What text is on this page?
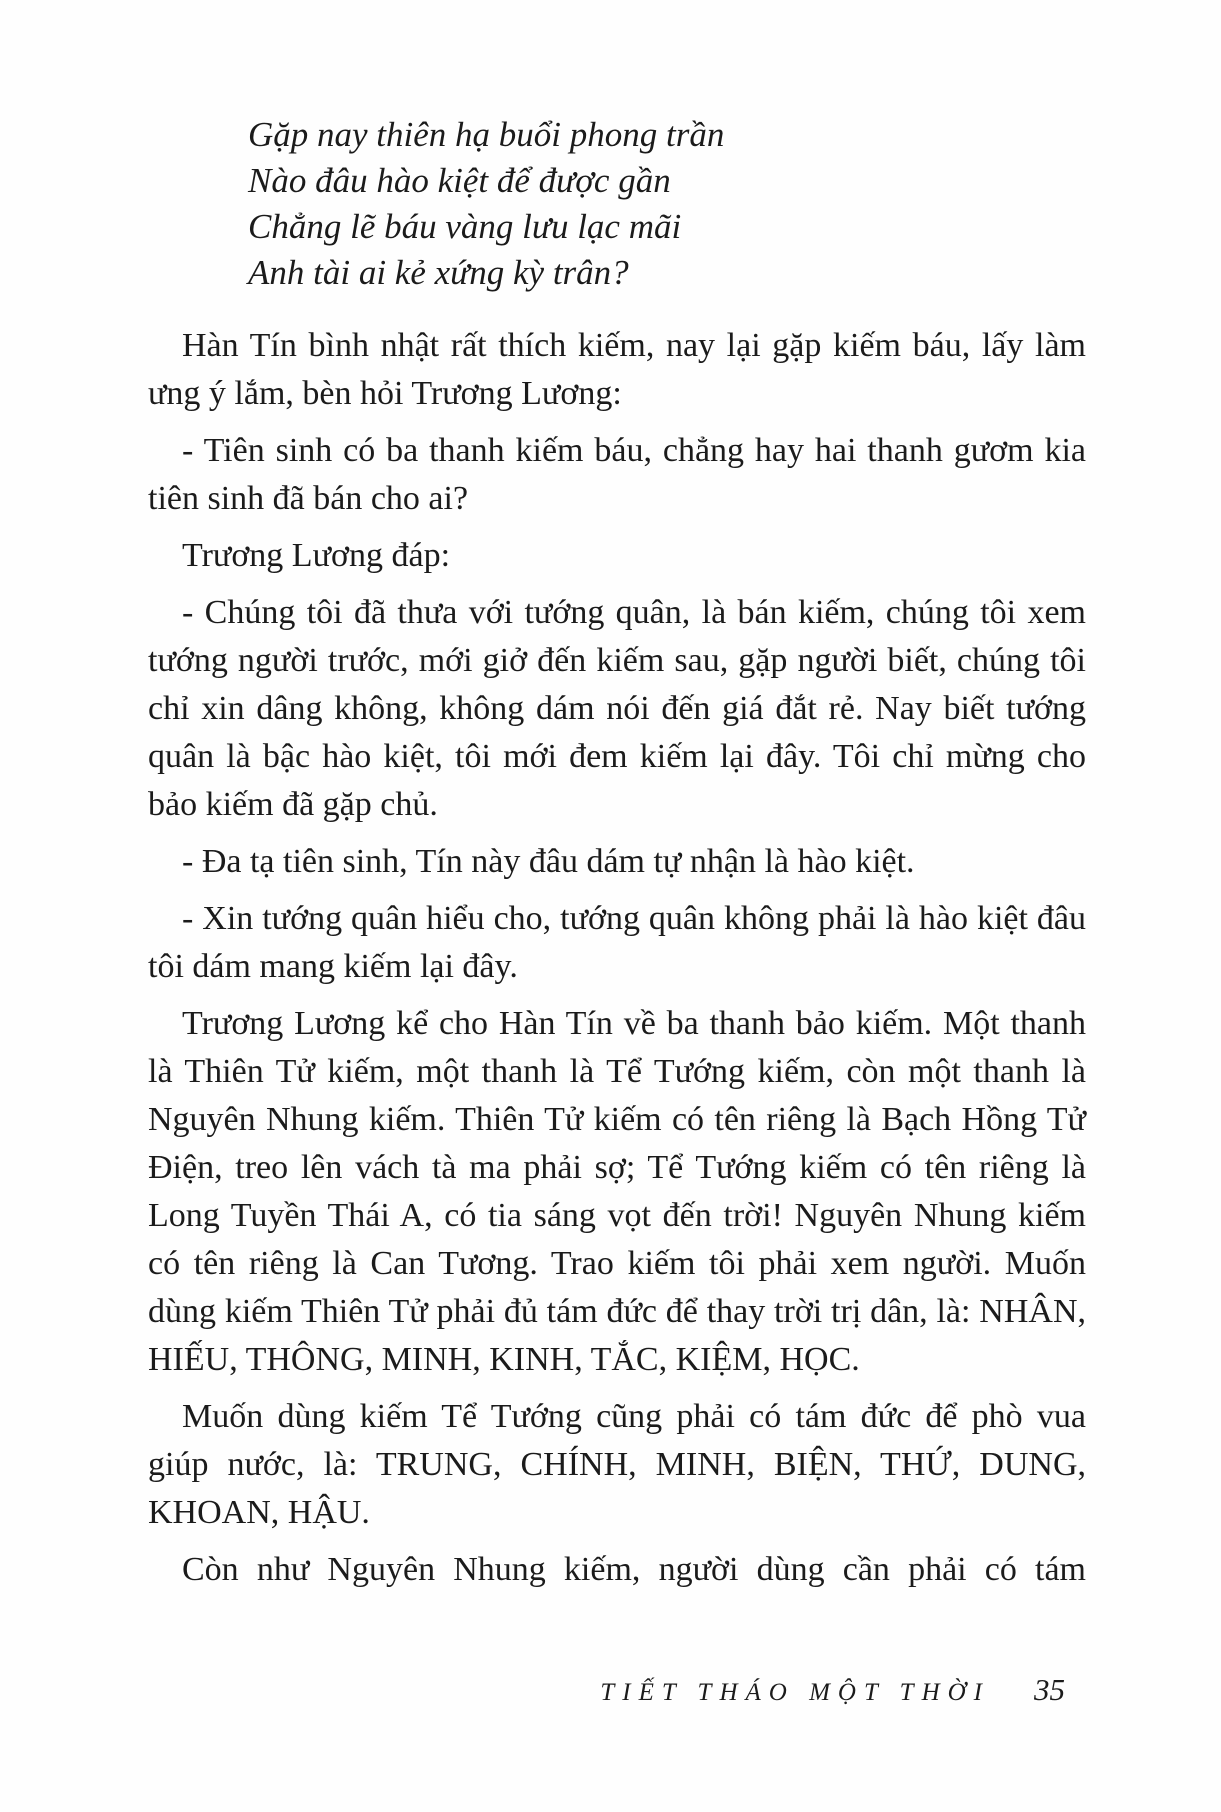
Gặp nay thiên hạ buổi phong trần
Nào đâu hào kiệt để được gần
Chẳng lẽ báu vàng lưu lạc mãi
Anh tài ai kẻ xứng kỳ trân?

Hàn Tín bình nhật rất thích kiếm, nay lại gặp kiếm báu, lấy làm ưng ý lắm, bèn hỏi Trương Lương:

- Tiên sinh có ba thanh kiếm báu, chẳng hay hai thanh gươm kia tiên sinh đã bán cho ai?

Trương Lương đáp:

- Chúng tôi đã thưa với tướng quân, là bán kiếm, chúng tôi xem tướng người trước, mới giở đến kiếm sau, gặp người biết, chúng tôi chỉ xin dâng không, không dám nói đến giá đắt rẻ. Nay biết tướng quân là bậc hào kiệt, tôi mới đem kiếm lại đây. Tôi chỉ mừng cho bảo kiếm đã gặp chủ.

- Đa tạ tiên sinh, Tín này đâu dám tự nhận là hào kiệt.

- Xin tướng quân hiểu cho, tướng quân không phải là hào kiệt đâu tôi dám mang kiếm lại đây.

Trương Lương kể cho Hàn Tín về ba thanh bảo kiếm. Một thanh là Thiên Tử kiếm, một thanh là Tể Tướng kiếm, còn một thanh là Nguyên Nhung kiếm. Thiên Tử kiếm có tên riêng là Bạch Hồng Tử Điện, treo lên vách tà ma phải sợ; Tể Tướng kiếm có tên riêng là Long Tuyền Thái A, có tia sáng vọt đến trời! Nguyên Nhung kiếm có tên riêng là Can Tương. Trao kiếm tôi phải xem người. Muốn dùng kiếm Thiên Tử phải đủ tám đức để thay trời trị dân, là: NHÂN, HIẾU, THÔNG, MINH, KINH, TẮC, KIỆM, HỌC.

Muốn dùng kiếm Tể Tướng cũng phải có tám đức để phò vua giúp nước, là: TRUNG, CHÍNH, MINH, BIỆN, THỨ, DUNG, KHOAN, HẬU.

Còn như Nguyên Nhung kiếm, người dùng cần phải có tám

TIẾT THÁO MỘT THỜI 35
